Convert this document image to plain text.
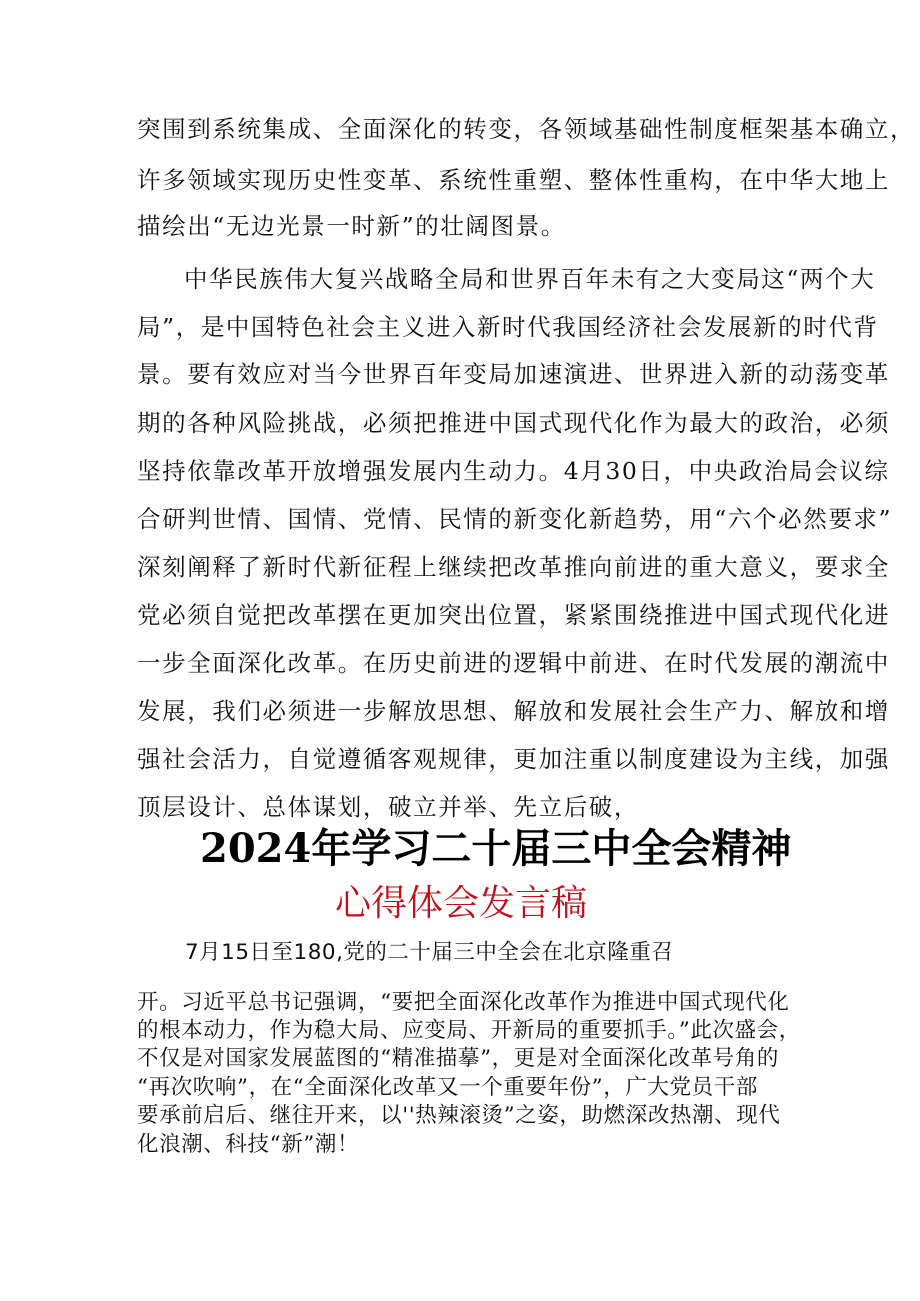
突围到系统集成、全面深化的转变，各领域基础性制度框架基本确立，
许多领域实现历史性变革、系统性重塑、整体性重构，在中华大地上
描绘出“无边光景一时新”的壮阔图景。
中华民族伟大复兴战略全局和世界百年未有之大变局这“两个大
局”，是中国特色社会主义进入新时代我国经济社会发展新的时代背
景。要有效应对当今世界百年变局加速演进、世界进入新的动荡变革
期的各种风险挑战，必须把推进中国式现代化作为最大的政治，必须
坚持依靠改革开放增强发展内生动力。4月30日，中央政治局会议综
合研判世情、国情、党情、民情的新变化新趋势，用“六个必然要求”
深刻阐释了新时代新征程上继续把改革推向前进的重大意义，要求全
党必须自觉把改革摆在更加突出位置，紧紧围绕推进中国式现代化进
一步全面深化改革。在历史前进的逻辑中前进、在时代发展的潮流中
发展，我们必须进一步解放思想、解放和发展社会生产力、解放和增
强社会活力，自觉遵循客观规律，更加注重以制度建设为主线，加强
顶层设计、总体谋划，破立并举、先立后破，
2024年学习二十届三中全会精神
心得体会发言稿
7月15日至180,党的二十届三中全会在北京隆重召
开。习近平总书记强调，“要把全面深化改革作为推进中国式现代化
的根本动力，作为稳大局、应变局、开新局的重要抓手。”此次盛会，
不仅是对国家发展蓝图的“精准描摹”，更是对全面深化改革号角的
“再次吹响”，在“全面深化改革又一个重要年份”，广大党员干部
要承前启后、继往开来，以''热辣滚烫”之姿，助燃深改热潮、现代
化浪潮、科技“新”潮！
